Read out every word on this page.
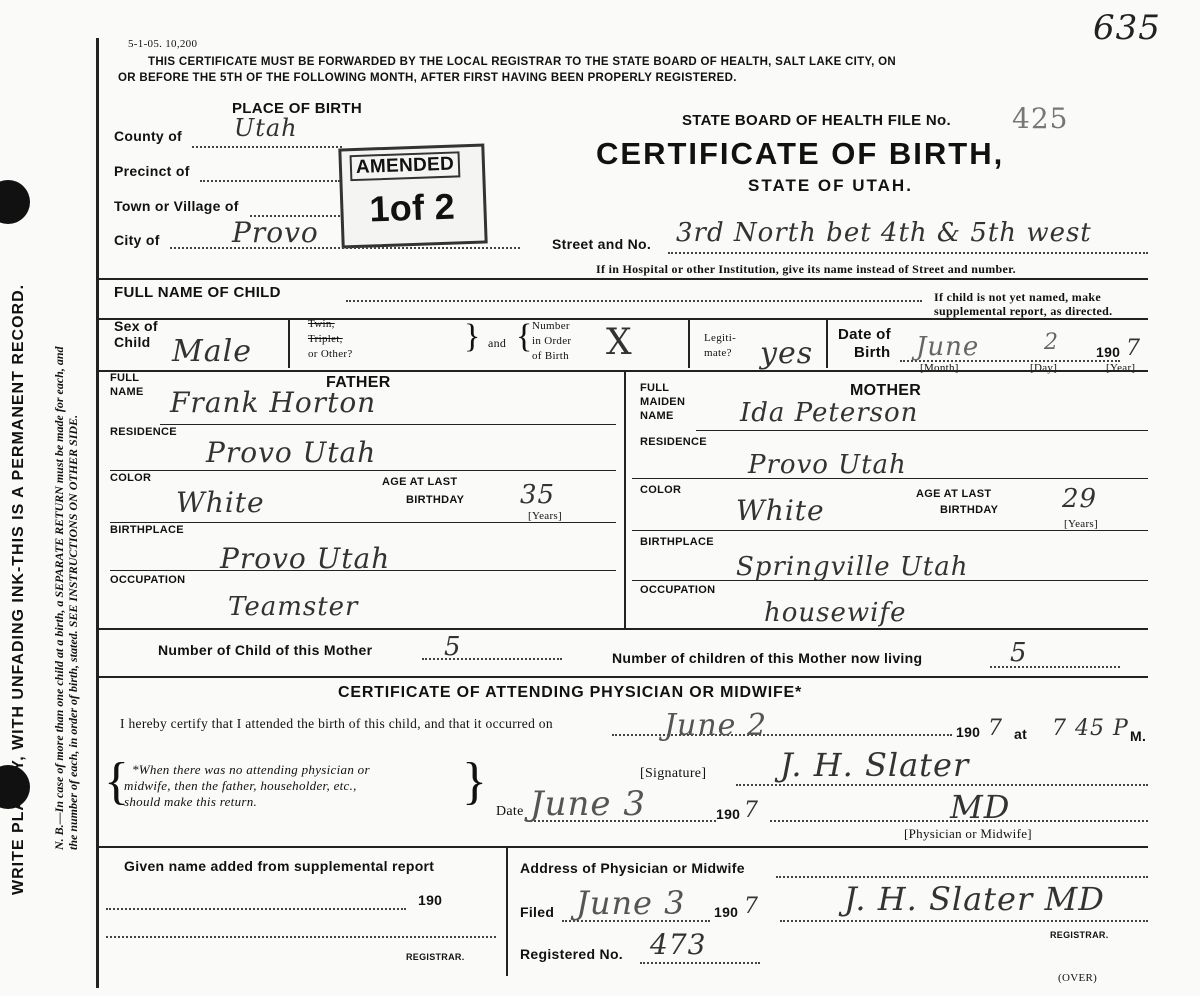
WRITE PLAINLY, WITH UNFADING INK-THIS IS A PERMANENT RECORD. N. B.—In case of more than one child at a birth, a SEPARATE RETURN must be made for each, and the number of each, in order of birth, stated. SEE INSTRUCTIONS ON OTHER SIDE.
5-1-05. 10,200
THIS CERTIFICATE MUST BE FORWARDED BY THE LOCAL REGISTRAR TO THE STATE BOARD OF HEALTH, SALT LAKE CITY, ON
OR BEFORE THE 5TH OF THE FOLLOWING MONTH, AFTER FIRST HAVING BEEN PROPERLY REGISTERED.
635
PLACE OF BIRTH
STATE BOARD OF HEALTH FILE No. 425
CERTIFICATE OF BIRTH,
STATE OF UTAH.
AMENDED
1of 2
County of Utah
Precinct of
Town or Village of
City of	Provo	Street and No. 3rd North bet 4th & 5th west
If in Hospital or other Institution, give its name instead of Street and number.
FULL NAME OF CHILD	If child is not yet named, make
supplemental report, as directed.
Sex of
Child Male
Twin,
Triplet,
or Other?	} and { Number
in Order
of Birth X	Legiti-
mate? yes
Date of
Birth June	2	190 7
[Month]	[Day]	[Year]
FULL
NAME
FATHER
Frank Horton
RESIDENCE
Provo Utah
COLOR
White
AGE AT LAST
BIRTHDAY 35
[Years]
BIRTHPLACE
Provo Utah
OCCUPATION
Teamster
FULL
MAIDEN
NAME
MOTHER
Ida Peterson
RESIDENCE
Provo Utah
COLOR
White	AGE AT LAST
BIRTHDAY 29
[Years]
BIRTHPLACE
Springville Utah
OCCUPATION
housewife
Number of Child of this Mother	5	Number of children of this Mother now living	5
CERTIFICATE OF ATTENDING PHYSICIAN OR MIDWIFE*
I hereby certify that I attended the birth of this child, and that it occurred on	June 2	190 7 at 7 45 P M.
{ *When there was no attending physician or
midwife, then the father, householder, etc.,
should make this return.	}	[Signature] J. H. Slater
Date June 3	190 7	MD
[Physician or Midwife]
Given name added from supplemental report
190
REGISTRAR.
Address of Physician or Midwife
Filed June 3 190 7	J. H. Slater MD
REGISTRAR.
Registered No. 473
(OVER)
